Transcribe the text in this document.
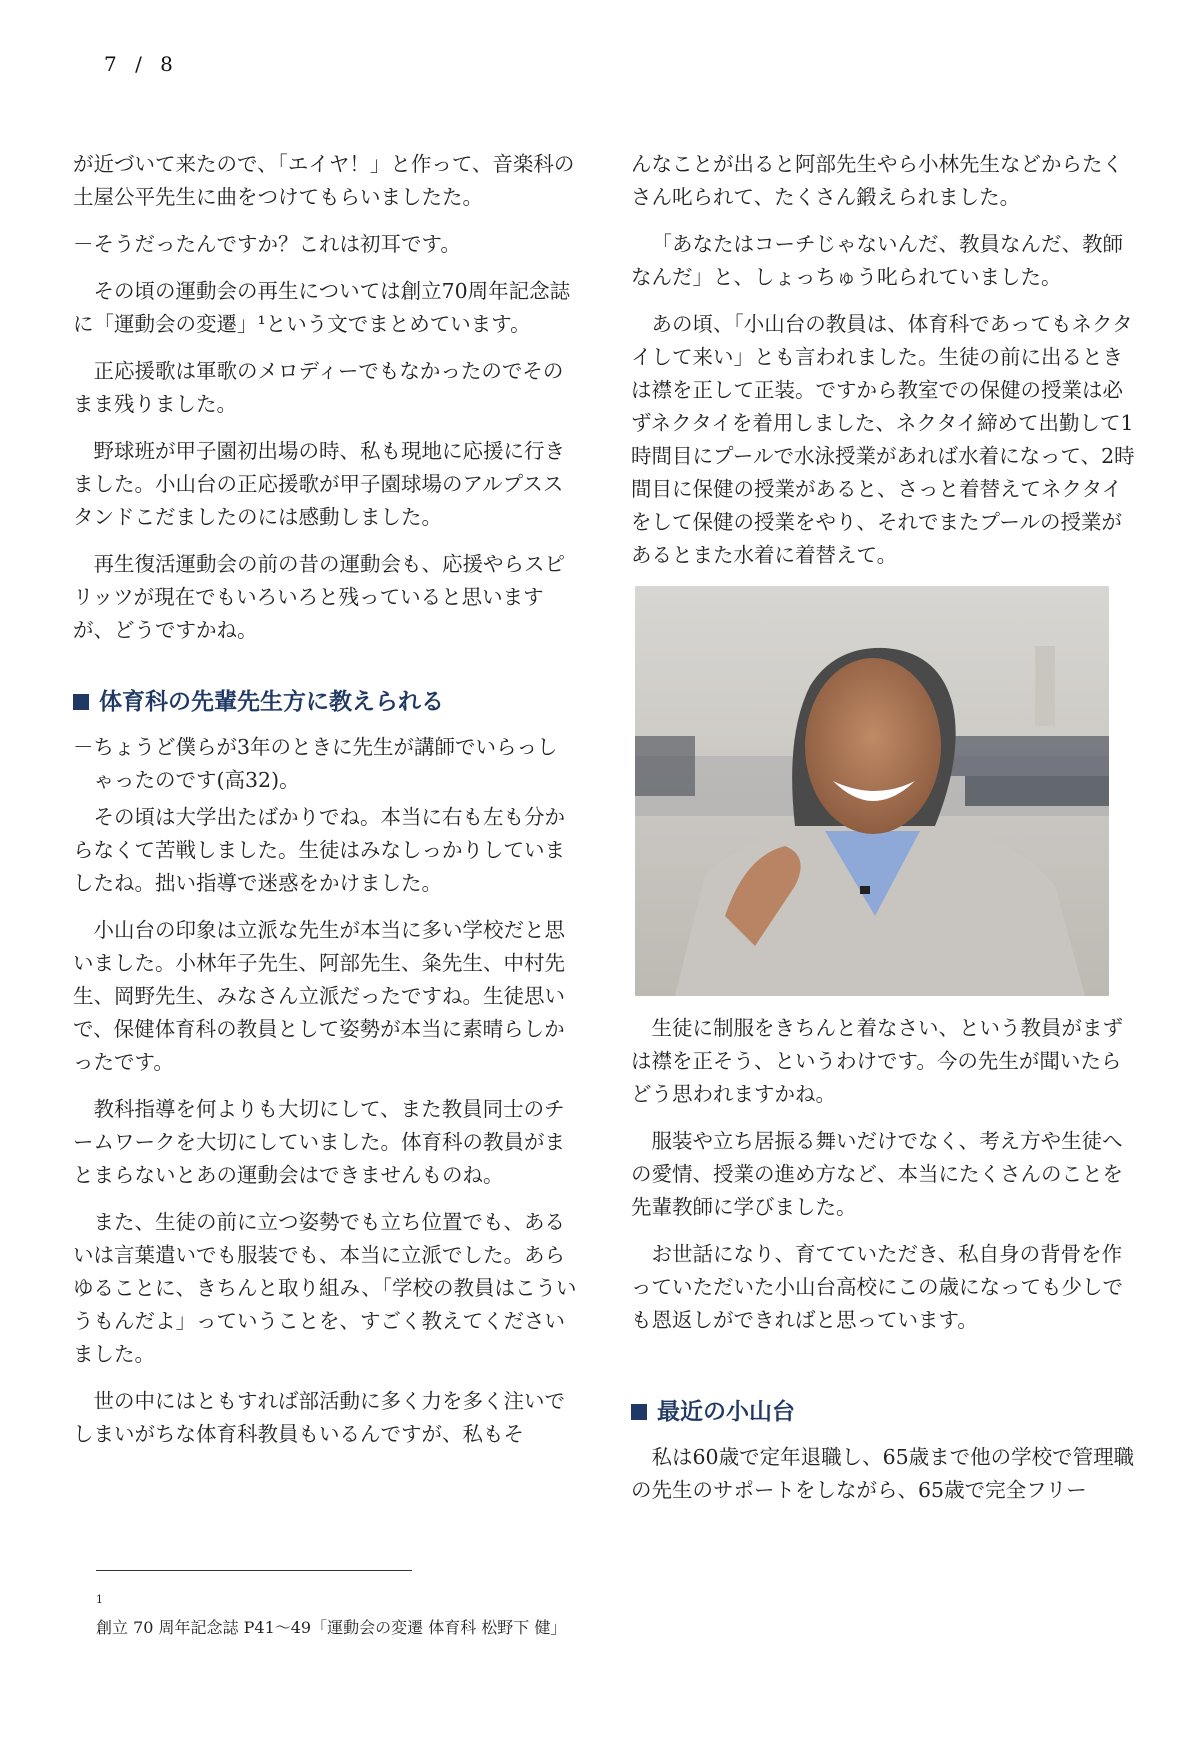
7 / 8

が近づいて来たので、「エイヤ！」と作って、音楽科の土屋公平先生に曲をつけてもらいましたた。

－そうだったんですか？これは初耳です。

その頃の運動会の再生については創立70周年記念誌に「運動会の変遷」¹という文でまとめています。

正応援歌は軍歌のメロディーでもなかったのでそのまま残りました。

野球班が甲子園初出場の時、私も現地に応援に行きました。小山台の正応援歌が甲子園球場のアルプススタンドこだましたのには感動しました。

再生復活運動会の前の昔の運動会も、応援やらスピリッツが現在でもいろいろと残っていると思いますが、どうですかね。

体育科の先輩先生方に教えられる

－ちょうど僕らが3年のときに先生が講師でいらっしゃったのです(高32)。

その頃は大学出たばかりでね。本当に右も左も分からなくて苦戦しました。生徒はみなしっかりしていましたね。拙い指導で迷惑をかけました。

小山台の印象は立派な先生が本当に多い学校だと思いました。小林年子先生、阿部先生、粂先生、中村先生、岡野先生、みなさん立派だったですね。生徒思いで、保健体育科の教員として姿勢が本当に素晴らしかったです。

教科指導を何よりも大切にして、また教員同士のチームワークを大切にしていました。体育科の教員がまとまらないとあの運動会はできませんものね。

また、生徒の前に立つ姿勢でも立ち位置でも、あるいは言葉遣いでも服装でも、本当に立派でした。あらゆることに、きちんと取り組み、「学校の教員はこういうもんだよ」っていうことを、すごく教えてくださいました。

世の中にはともすれば部活動に多く力を多く注いでしまいがちな体育科教員もいるんですが、私もそ

んなことが出ると阿部先生やら小林先生などからたくさん叱られて、たくさん鍛えられました。

「あなたはコーチじゃないんだ、教員なんだ、教師なんだ」と、しょっちゅう叱られていました。

あの頃、「小山台の教員は、体育科であってもネクタイして来い」とも言われました。生徒の前に出るときは襟を正して正装。ですから教室での保健の授業は必ずネクタイを着用しました、ネクタイ締めて出勤して1時間目にプールで水泳授業があれば水着になって、2時間目に保健の授業があると、さっと着替えてネクタイをして保健の授業をやり、それでまたプールの授業があるとまた水着に着替えて。

生徒に制服をきちんと着なさい、という教員がまずは襟を正そう、というわけです。今の先生が聞いたらどう思われますかね。

服装や立ち居振る舞いだけでなく、考え方や生徒への愛情、授業の進め方など、本当にたくさんのことを先輩教師に学びました。

お世話になり、育てていただき、私自身の背骨を作っていただいた小山台高校にこの歳になっても少しでも恩返しができればと思っています。

最近の小山台

私は60歳で定年退職し、65歳まで他の学校で管理職の先生のサポートをしながら、65歳で完全フリー

$^1$創立 70 周年記念誌 P41～49「運動会の変遷 体育科 松野下 健」
